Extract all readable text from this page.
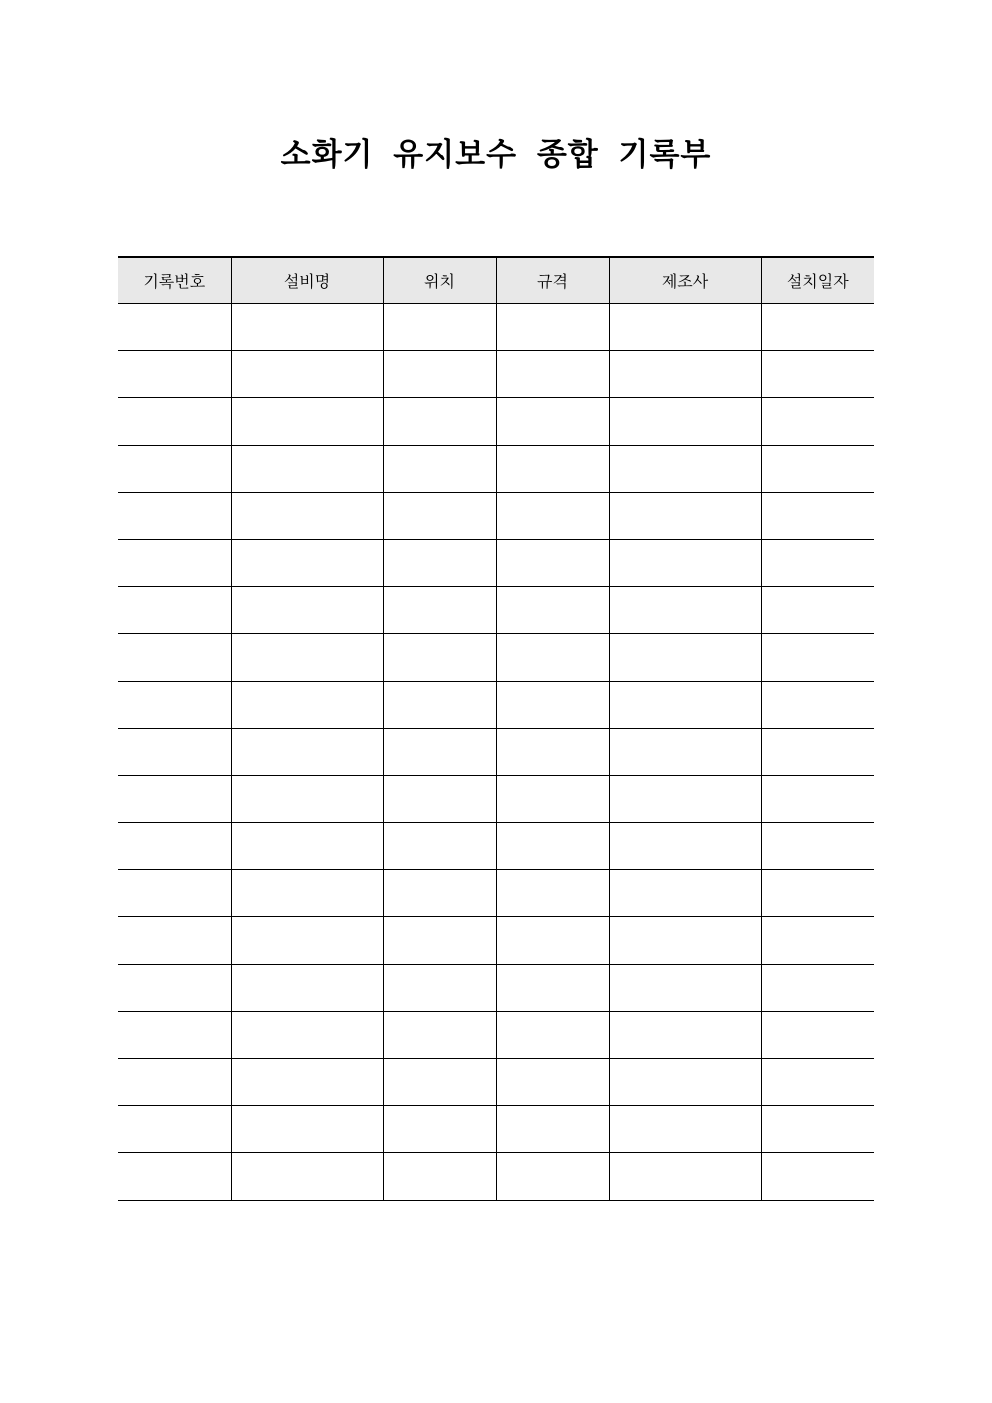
소화기 유지보수 종합 기록부
기록번호	설비명	위치	규격	제조사	설치일자
